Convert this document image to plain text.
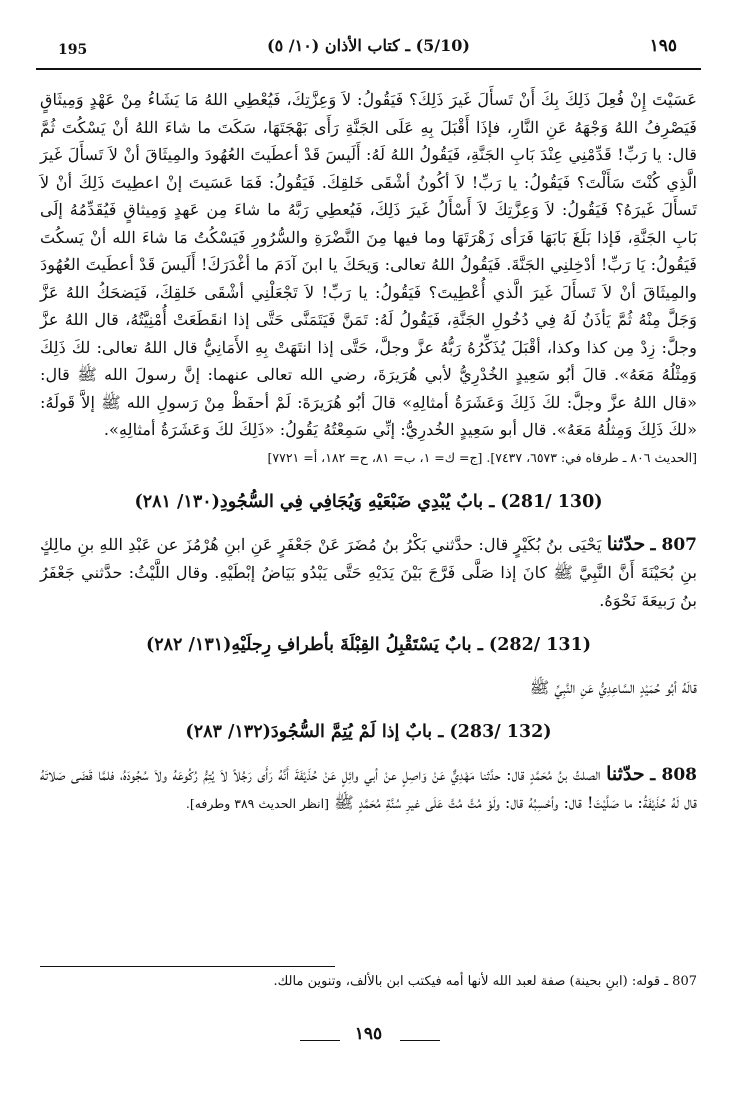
195	(5/10) ـ كتاب الأذان (١٠/ ٥)	١٩٥

عَسَيْتَ إِنْ فُعِلَ ذَلِكَ بِكَ أَنْ تَسأَلَ غَيرَ ذَلِكَ؟ فَيَقُولُ: لاَ وَعِزَّتِكَ، فَيُعْطِي اللهُ مَا يَشَاءُ مِنْ عَهْدٍ وَمِيثَاقٍ فَيَصْرِفُ اللهُ وَجْهَهُ عَنِ النَّارِ، فإذَا أَقْبَلَ بِهِ عَلَى الجَنَّةِ رَأَى بَهْجَتَهَا، سَكَتَ ما شاءَ اللهُ أنْ يَسْكُتَ ثُمَّ قال: يا رَبِّ! قَدِّمْنِي عِنْدَ بَابِ الجَنَّةِ، فَيَقُولُ اللهُ لَهُ: أَلَيسَ قَدْ أعطَيتَ العُهُودَ والمِيثَاقَ أنْ لاَ تَسأَلَ غَيرَ الَّذِي كُنْتَ سَأَلْتَ؟ فَيَقُولُ: يا رَبِّ! لاَ أكُونُ أشْقَى خَلقِكَ. فَيَقُولُ: فَمَا عَسَيتَ إنْ اعطِيتَ ذَلِكَ أنْ لاَ تَسأَلَ غَيرَهُ؟ فَيَقُولُ: لاَ وَعِزَّتِكَ لاَ أَسْأَلُ غَيرَ ذَلِكَ، فَيُعطِي رَبَّهُ ما شاءَ مِن عَهدٍ وَمِيثاقٍ فَيُقَدِّمُهُ إلَى بَابِ الجَنَّةِ، فَإذا بَلَغَ بَابَهَا فَرَأى زَهْرَتَهَا وما فيها مِنَ النَّضْرَةِ والسُّرُورِ فَيَسْكُتُ مَا شاءَ الله أنْ يَسكُتَ فَيَقُولُ: يَا رَبِّ! أدْخِلنِي الجَنَّةَ. فَيَقُولُ اللهُ تعالى: وَيحَكَ يا ابنَ آدَمَ ما أغْدَرَكَ! أَلَيسَ قَدْ أعطَيتَ العُهُودَ والمِيثَاقَ أنْ لاَ تَسأَلَ غَيرَ الَّذي أُعْطِيتَ؟ فَيَقُولُ: يا رَبِّ! لاَ تَجْعَلْنِي أشْقَى خَلقِكَ، فَيَضحَكُ اللهُ عَزَّ وَجَلَّ مِنْهُ ثُمَّ يَأذَنُ لَهُ فِي دُخُولِ الجَنَّةِ، فَيَقُولُ لَهُ: تَمَنَّ فَيَتَمَنَّى حَتَّى إذا انقَطَعَتْ أُمْنِيَّتُهُ، قال اللهُ عزَّ وجلَّ: زِدْ مِن كذا وكذا، أقْبَلَ يُذَكِّرُهُ رَبُّهُ عزَّ وجلَّ، حَتَّى إذا انتَهَتْ بِهِ الأَمَانِيُّ قال اللهُ تعالى: لكَ ذَلِكَ وَمِثْلُهُ مَعَهُ». قالَ أبُو سَعِيدٍ الخُدْرِيُّ لأبي هُرَيرَةَ، رضي الله تعالى عنهما: إنَّ رسولَ الله ﷺ قال: «قال اللهُ عزَّ وجلَّ: لكَ ذَلِكَ وَعَشَرَةُ أمثالِهِ» قالَ أبُو هُرَيرَةَ: لَمْ أحفَظْ مِنْ رَسولِ الله ﷺ إلاَّ قَولَهُ: «لكَ ذَلِكَ وَمِثلُهُ مَعَهُ». قال أبو سَعِيدٍ الخُدرِيُّ: إنِّي سَمِعْتُهُ يَقُولُ: «ذَلِكَ لكَ وَعَشَرَةُ أمثالِهِ».

[الحديث ٨٠٦ ـ طرفاه في: ٦٥٧٣، ٧٤٣٧]. [ج= ك= ١، ب= ٨١، ح= ١٨٢، أ= ٧٧٢١]

(130 /281) ـ بابٌ يُبْدِي ضَبْعَيْهِ وَيُجَافِي فِي السُّجُودِ(١٣٠/ ٢٨١)

807 ـ حدّثنا يَحْيَى بنُ بُكَيْرٍ قال: حدَّثني بَكْرُ بنُ مُضَرَ عَنْ جَعْفَرٍ عَنِ ابنِ هُرْمُزَ عن عَبْدِ اللهِ بنِ مالِكٍ بنِ بُحَيْنَةَ أَنَّ النَّبِيَّ ﷺ كانَ إذا صَلَّى فَرَّجَ بَيْنَ يَدَيْهِ حَتَّى يَبْدُو بَيَاضُ إبْطَيْهِ. وقال اللَّيْثُ: حدَّثني جَعْفَرُ بنُ رَبيعَةَ نَحْوَهُ.

(131 /282) ـ بابٌ يَسْتَقْبِلُ القِبْلَةَ بأطرافِ رِجلَيْهِ(١٣١/ ٢٨٢)

قالَهُ أبُو حُمَيْدٍ السَّاعِدِيُّ عَنِ النَّبِيِّ ﷺ

(132 /283) ـ بابٌ إذا لَمْ يُتِمَّ السُّجُودَ(١٣٢/ ٢٨٣)

808 ـ حدّثنا الصلتُ بنُ مُحَمَّدٍ قال: حدَّثنا مَهْدِيٌّ عَنْ وَاصِلٍ عنْ أبي وائِلٍ عَنْ حُذَيْفَةَ أَنَّهُ رَأَى رَجُلاً لاَ يُتِمُّ رُكُوعَهُ ولاَ سُجُودَهُ، فلمَّا قَضَى صَلاتَهُ قال لَهُ حُذَيْفَةُ: ما صَلَّيْتَ! قال: وأحْسِبُهُ قال: ولَوْ مُتَّ مُتَّ عَلَى غيرِ سُنَّةِ مُحَمَّدٍ ﷺ [انظر الحديث ٣٨٩ وطرفه].

807 ـ قوله: (ابنِ بحينة) صفة لعبد الله لأنها أمه فيكتب ابن بالألف، وتنوين مالك.
١٩٥
